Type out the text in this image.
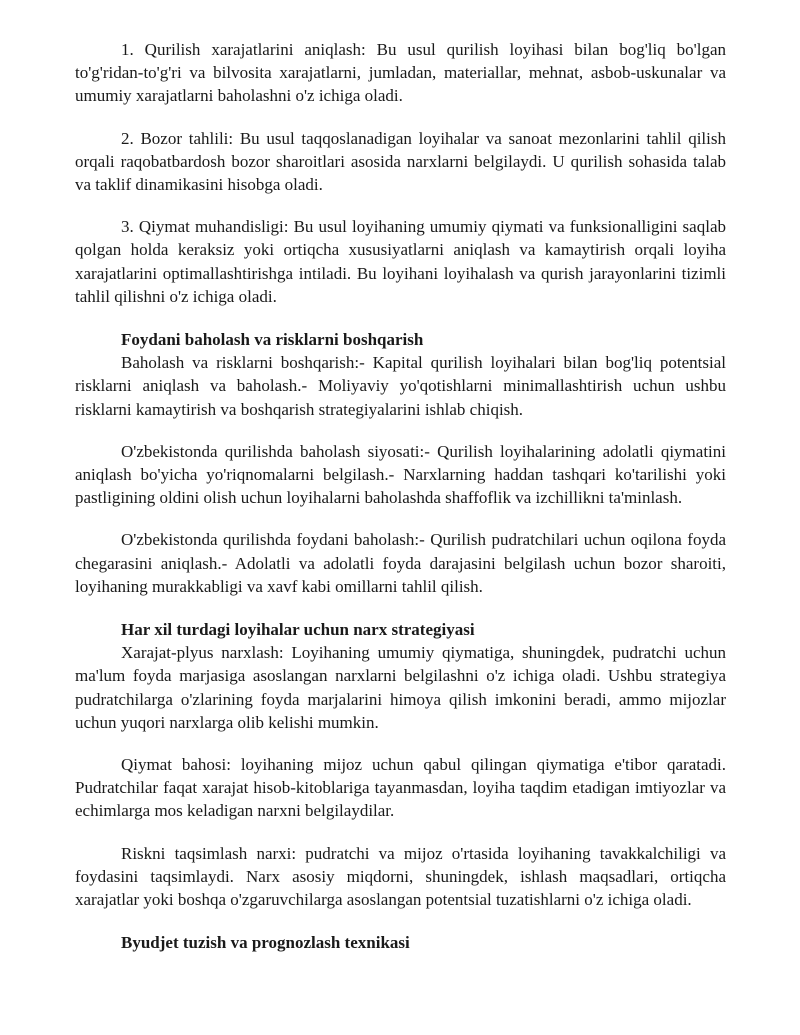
1. Qurilish xarajatlarini aniqlash: Bu usul qurilish loyihasi bilan bog'liq bo'lgan to'g'ridan-to'g'ri va bilvosita xarajatlarni, jumladan, materiallar, mehnat, asbob-uskunalar va umumiy xarajatlarni baholashni o'z ichiga oladi.

2. Bozor tahlili: Bu usul taqqoslanadigan loyihalar va sanoat mezonlarini tahlil qilish orqali raqobatbardosh bozor sharoitlari asosida narxlarni belgilaydi. U qurilish sohasida talab va taklif dinamikasini hisobga oladi.

3. Qiymat muhandisligi: Bu usul loyihaning umumiy qiymati va funksionalligini saqlab qolgan holda keraksiz yoki ortiqcha xususiyatlarni aniqlash va kamaytirish orqali loyiha xarajatlarini optimallashtirishga intiladi. Bu loyihani loyihalash va qurish jarayonlarini tizimli tahlil qilishni o'z ichiga oladi.

Foydani baholash va risklarni boshqarish

Baholash va risklarni boshqarish:- Kapital qurilish loyihalari bilan bog'liq potentsial risklarni aniqlash va baholash.- Moliyaviy yo'qotishlarni minimallashtirish uchun ushbu risklarni kamaytirish va boshqarish strategiyalarini ishlab chiqish.

O'zbekistonda qurilishda baholash siyosati:- Qurilish loyihalarining adolatli qiymatini aniqlash bo'yicha yo'riqnomalarni belgilash.- Narxlarning haddan tashqari ko'tarilishi yoki pastligining oldini olish uchun loyihalarni baholashda shaffoflik va izchillikni ta'minlash.

O'zbekistonda qurilishda foydani baholash:- Qurilish pudratchilari uchun oqilona foyda chegarasini aniqlash.- Adolatli va adolatli foyda darajasini belgilash uchun bozor sharoiti, loyihaning murakkabligi va xavf kabi omillarni tahlil qilish.

Har xil turdagi loyihalar uchun narx strategiyasi

Xarajat-plyus narxlash: Loyihaning umumiy qiymatiga, shuningdek, pudratchi uchun ma'lum foyda marjasiga asoslangan narxlarni belgilashni o'z ichiga oladi. Ushbu strategiya pudratchilarga o'zlarining foyda marjalarini himoya qilish imkonini beradi, ammo mijozlar uchun yuqori narxlarga olib kelishi mumkin.

Qiymat bahosi: loyihaning mijoz uchun qabul qilingan qiymatiga e'tibor qaratadi. Pudratchilar faqat xarajat hisob-kitoblariga tayanmasdan, loyiha taqdim etadigan imtiyozlar va echimlarga mos keladigan narxni belgilaydilar.

Riskni taqsimlash narxi: pudratchi va mijoz o'rtasida loyihaning tavakkalchiligi va foydasini taqsimlaydi. Narx asosiy miqdorni, shuningdek, ishlash maqsadlari, ortiqcha xarajatlar yoki boshqa o'zgaruvchilarga asoslangan potentsial tuzatishlarni o'z ichiga oladi.

Byudjet tuzish va prognozlash texnikasi
